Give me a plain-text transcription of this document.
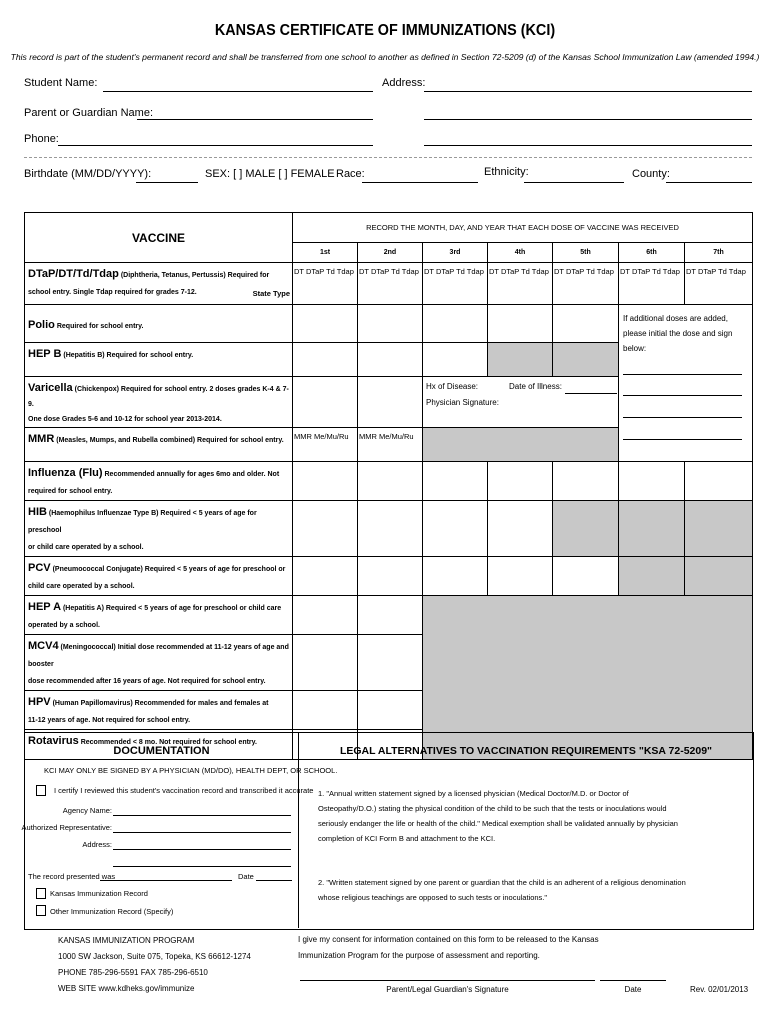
KANSAS CERTIFICATE OF IMMUNIZATIONS (KCI)
This record is part of the student's permanent record and shall be transferred from one school to another as defined in Section 72-5209 (d) of the Kansas School Immunization Law (amended 1994.)
Student Name:	Address:
Parent or Guardian Name:
Phone:
Birthdate (MM/DD/YYYY):	SEX: [ ] MALE [ ] FEMALE Race:	Ethnicity:	County:
VACCINE	RECORD THE MONTH, DAY, AND YEAR THAT EACH DOSE OF VACCINE WAS RECEIVED						
	1st	2nd	3rd	4th	5th	6th	7th
DTaP/DT/Td/Tdap (Diphtheria, Tetanus, Pertussis) Required for
school entry. Single Tdap required for grades 7-12. State Type	DT DTaP Td Tdap	DT DTaP Td Tdap	DT DTaP Td Tdap	DT DTaP Td Tdap	DT DTaP Td Tdap	DT DTaP Td Tdap	DT DTaP Td Tdap
Polio Required for school entry.						If additional doses are added, please initial the dose and sign below:	

HEP B (Hepatitis B) Required for school entry.							
Varicella (Chickenpox) Required for school entry. 2 doses grades K-4 & 7-9.
One dose Grades 5-6 and 10-12 for school year 2013-2014.			Hx of Disease: Date of Illness:
Physician Signature:				

MMR (Measles, Mumps, and Rubella combined) Required for school entry.	MMR Me/Mu/Ru	MMR Me/Mu/Ru					
Influenza (Flu) Recommended annually for ages 6mo and older. Not
required for school entry.							
HIB (Haemophilus Influenzae Type B) Required < 5 years of age for preschool
or child care operated by a school.							
PCV (Pneumococcal Conjugate) Required < 5 years of age for preschool or
child care operated by a school.							
HEP A (Hepatitis A) Required < 5 years of age for preschool or child care
operated by a school.							
MCV4 (Meningococcal) Initial dose recommended at 11-12 years of age and booster
dose recommended after 16 years of age. Not required for school entry.							
HPV (Human Papillomavirus) Recommended for males and females at
11-12 years of age. Not required for school entry.							
Rotavirus Recommended < 8 mo. Not required for school entry.							
DOCUMENTATION
KCI MAY ONLY BE SIGNED BY A PHYSICIAN (MD/DO), HEALTH DEPT, OR SCHOOL.
I certify I reviewed this student's vaccination record and transcribed it accurate
Agency Name:
Authorized Representative:
Address:
The record presented was	Date
Kansas Immunization Record
Other Immunization Record (Specify)
LEGAL ALTERNATIVES TO VACCINATION REQUIREMENTS "KSA 72-5209"
1. "Annual written statement signed by a licensed physician (Medical Doctor/M.D. or Doctor of Osteopathy/D.O.) stating the physical condition of the child to be such that the tests or inoculations would seriously endanger the life or health of the child." Medical exemption shall be validated annually by physician completion of KCI Form B and attachment to the KCI.
2. "Written statement signed by one parent or guardian that the child is an adherent of a religious denomination whose religious teachings are opposed to such tests or inoculations."
KANSAS IMMUNIZATION PROGRAM
1000 SW Jackson, Suite 075, Topeka, KS 66612-1274
PHONE 785-296-5591 FAX 785-296-6510
WEB SITE www.kdheks.gov/immunize
I give my consent for information contained on this form to be released to the Kansas Immunization Program for the purpose of assessment and reporting.
Parent/Legal Guardian's Signature	Date	Rev. 02/01/2013
